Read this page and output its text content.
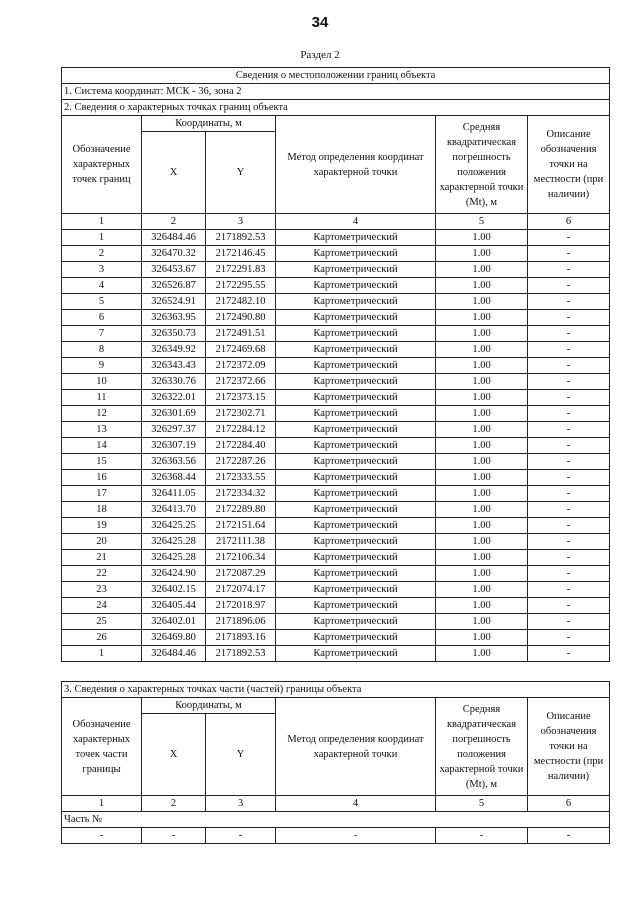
34
Раздел 2
Сведения о местоположении границ объекта					
1. Система координат: МСК - 36, зона 2					
2. Сведения о характерных точках границ объекта					
Обозначение характерных точек границ	Координаты, м		Метод определения координат характерной точки	Средняя квадратическая погрешность положения характерной точки (Mt), м	Описание обозначения точки на местности (при наличии)
	X	Y			
1	2	3	4	5	6
1	326484.46	2171892.53	Картометрический	1.00	-
2	326470.32	2172146.45	Картометрический	1.00	-
3	326453.67	2172291.83	Картометрический	1.00	-
4	326526.87	2172295.55	Картометрический	1.00	-
5	326524.91	2172482.10	Картометрический	1.00	-
6	326363.95	2172490.80	Картометрический	1.00	-
7	326350.73	2172491.51	Картометрический	1.00	-
8	326349.92	2172469.68	Картометрический	1.00	-
9	326343.43	2172372.09	Картометрический	1.00	-
10	326330.76	2172372.66	Картометрический	1.00	-
11	326322.01	2172373.15	Картометрический	1.00	-
12	326301.69	2172302.71	Картометрический	1.00	-
13	326297.37	2172284.12	Картометрический	1.00	-
14	326307.19	2172284.40	Картометрический	1.00	-
15	326363.56	2172287.26	Картометрический	1.00	-
16	326368.44	2172333.55	Картометрический	1.00	-
17	326411.05	2172334.32	Картометрический	1.00	-
18	326413.70	2172289.80	Картометрический	1.00	-
19	326425.25	2172151.64	Картометрический	1.00	-
20	326425.28	2172111.38	Картометрический	1.00	-
21	326425.28	2172106.34	Картометрический	1.00	-
22	326424.90	2172087.29	Картометрический	1.00	-
23	326402.15	2172074.17	Картометрический	1.00	-
24	326405.44	2172018.97	Картометрический	1.00	-
25	326402.01	2171896.06	Картометрический	1.00	-
26	326469.80	2171893.16	Картометрический	1.00	-
1	326484.46	2171892.53	Картометрический	1.00	-
3. Сведения о характерных точках части (частей) границы объекта					
Обозначение характерных точек части границы	Координаты, м		Метод определения координат характерной точки	Средняя квадратическая погрешность положения характерной точки (Mt), м	Описание обозначения точки на местности (при наличии)
	X	Y			
1	2	3	4	5	6
Часть №					
-	-	-	-	-	-
